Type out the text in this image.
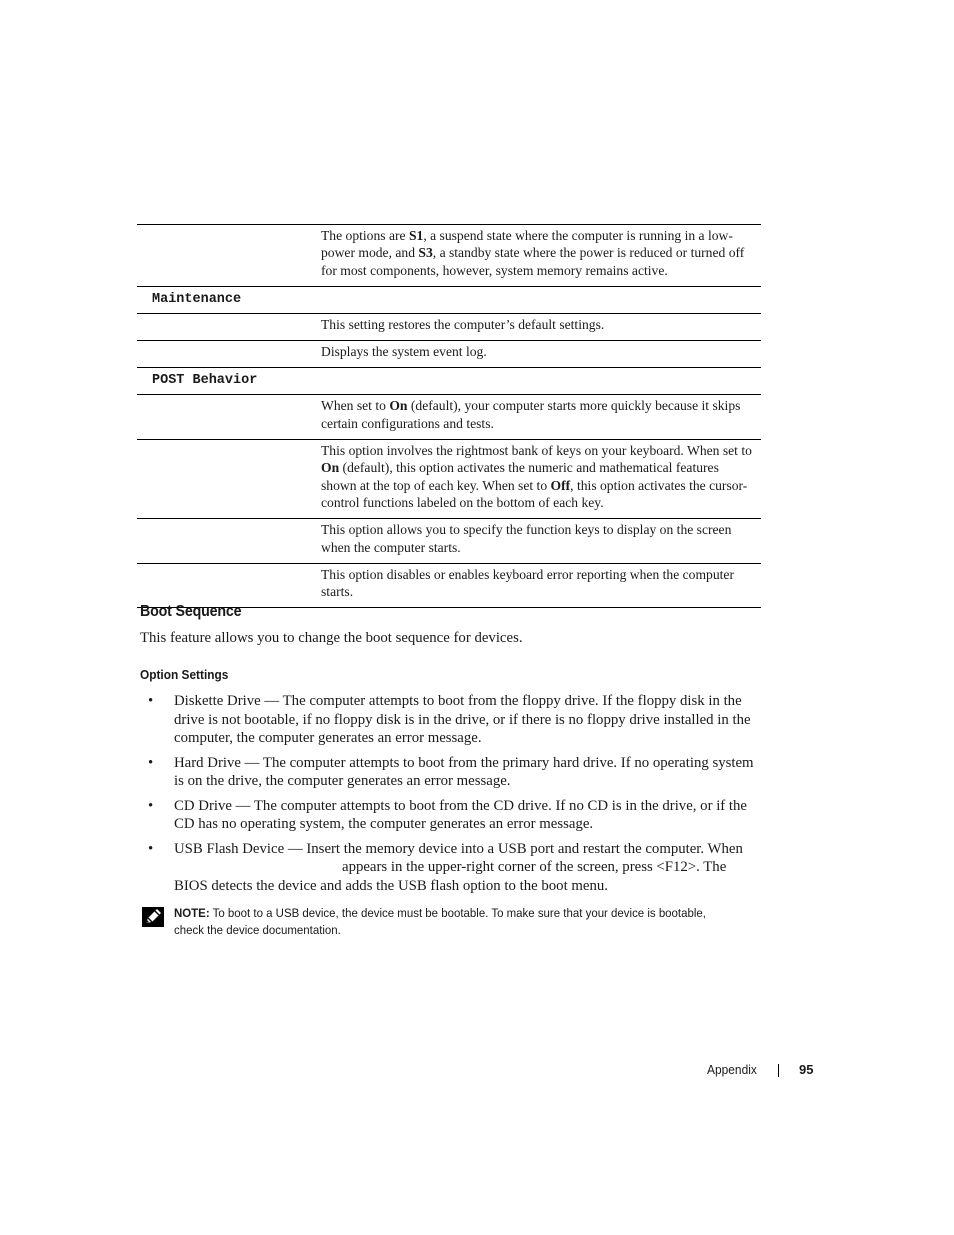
	The options are S1, a suspend state where the computer is running in a low-power mode, and S3, a standby state where the power is reduced or turned off for most components, however, system memory remains active.
Maintenance	
	This setting restores the computer’s default settings.
	Displays the system event log.
POST Behavior	
	When set to On (default), your computer starts more quickly because it skips certain configurations and tests.
	This option involves the rightmost bank of keys on your keyboard. When set to On (default), this option activates the numeric and mathematical features shown at the top of each key. When set to Off, this option activates the cursor-control functions labeled on the bottom of each key.
	This option allows you to specify the function keys to display on the screen when the computer starts.
	This option disables or enables keyboard error reporting when the computer starts.
Boot Sequence
This feature allows you to change the boot sequence for devices.
Option Settings
• Diskette Drive — The computer attempts to boot from the floppy drive. If the floppy disk in the drive is not bootable, if no floppy disk is in the drive, or if there is no floppy drive installed in the computer, the computer generates an error message.
• Hard Drive — The computer attempts to boot from the primary hard drive. If no operating system is on the drive, the computer generates an error message.
• CD Drive — The computer attempts to boot from the CD drive. If no CD is in the drive, or if the CD has no operating system, the computer generates an error message.
• USB Flash Device — Insert the memory device into a USB port and restart the computer. Whenappears in the upper-right corner of the screen, press <F12>. The BIOS detects the device and adds the USB flash option to the boot menu.
NOTE: To boot to a USB device, the device must be bootable. To make sure that your device is bootable, check the device documentation.
Appendix	95
